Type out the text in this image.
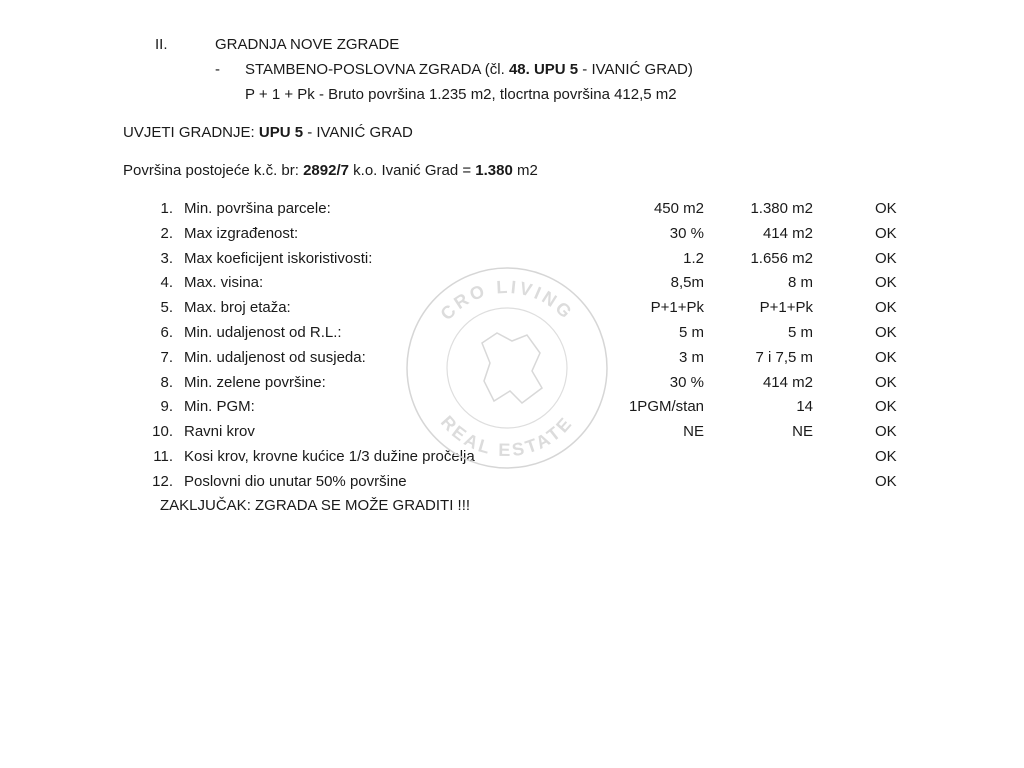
II.	GRADNJA NOVE ZGRADE
- STAMBENO-POSLOVNA ZGRADA (čl. 48. UPU 5 - IVANIĆ GRAD)
P + 1 + Pk - Bruto površina 1.235 m2, tlocrtna površina 412,5 m2
UVJETI GRADNJE: UPU 5 - IVANIĆ GRAD
Površina postojeće k.č. br: 2892/7 k.o. Ivanić Grad = 1.380 m2
1. Min. površina parcele:	450 m2	1.380 m2	OK
2. Max izgrađenost:	30 %	414 m2	OK
3. Max koeficijent iskoristivosti:	1.2	1.656 m2	OK
4. Max. visina:	8,5m	8 m	OK
5. Max. broj etaža:	P+1+Pk	P+1+Pk	OK
6. Min. udaljenost od R.L.:	5 m	5 m	OK
7. Min. udaljenost od susjeda:	3 m	7 i 7,5 m	OK
8. Min. zelene površine:	30 %	414 m2	OK
9. Min. PGM:	1PGM/stan	14	OK
10. Ravni krov	NE	NE	OK
11. Kosi krov, krovne kućice 1/3 dužine pročelja	OK
12. Poslovni dio unutar 50% površine	OK
ZAKLJUČAK: ZGRADA SE MOŽE GRADITI !!!
CRO LIVING
REAL ESTATE
